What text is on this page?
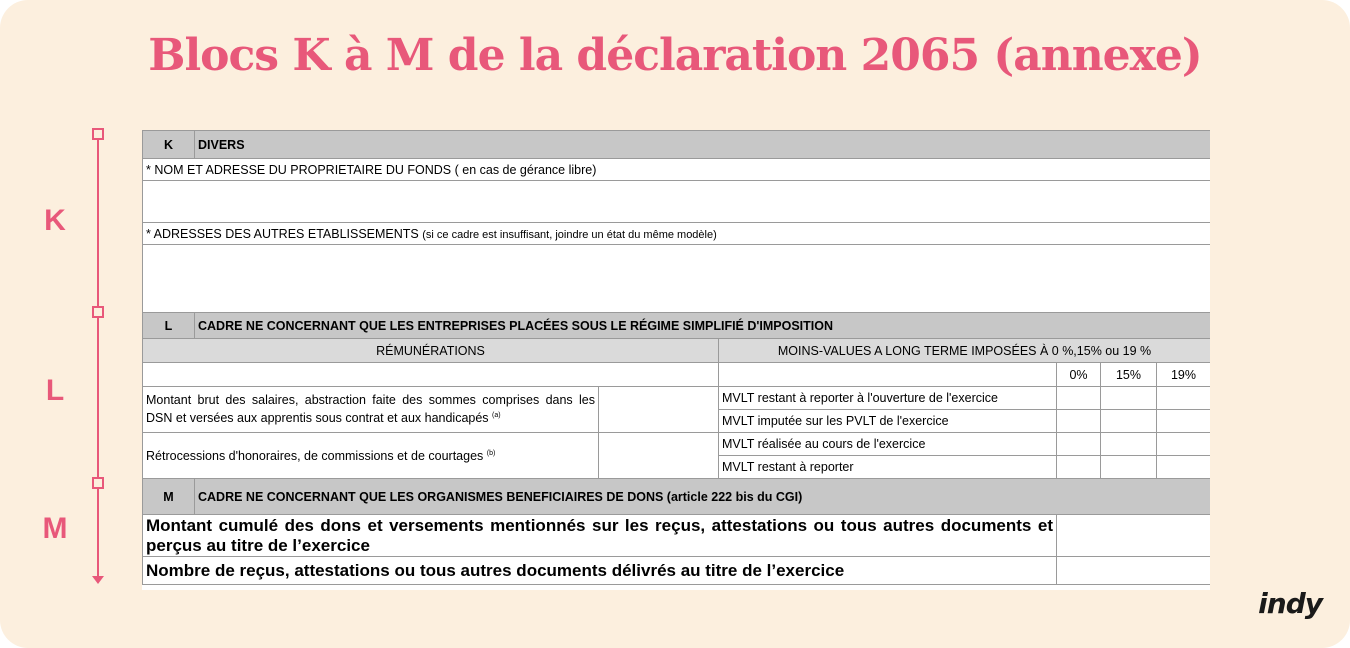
Blocs K à M de la déclaration 2065 (annexe)
K
L
M
K	DIVERS					
* NOM ET ADRESSE DU PROPRIETAIRE DU FONDS ( en cas de gérance libre)						

* ADRESSES DES AUTRES ETABLISSEMENTS (si ce cadre est insuffisant, joindre un état du même modèle)						

L	CADRE NE CONCERNANT QUE LES ENTREPRISES PLACÉES SOUS LE RÉGIME SIMPLIFIÉ D'IMPOSITION					
RÉMUNÉRATIONS			MOINS-VALUES A LONG TERME IMPOSÉES À 0 %,15% ou 19 %			
				0%	15%	19%
Montant brut des salaires, abstraction faite des sommes comprises dans les DSN et versées aux apprentis sous contrat et aux handicapés $^{(a)}$			MVLT restant à reporter à l'ouverture de l'exercice			
			MVLT imputée sur les PVLT de l'exercice			
Rétrocessions d'honoraires, de commissions et de courtages $^{(b)}$			MVLT réalisée au cours de l'exercice			
			MVLT restant à reporter			
M	CADRE NE CONCERNANT QUE LES ORGANISMES BENEFICIAIRES DE DONS (article 222 bis du CGI)					
Montant cumulé des dons et versements mentionnés sur les reçus, attestations ou tous autres documents et perçus au titre de l’exercice						
Nombre de reçus, attestations ou tous autres documents délivrés au titre de l’exercice						
indy
